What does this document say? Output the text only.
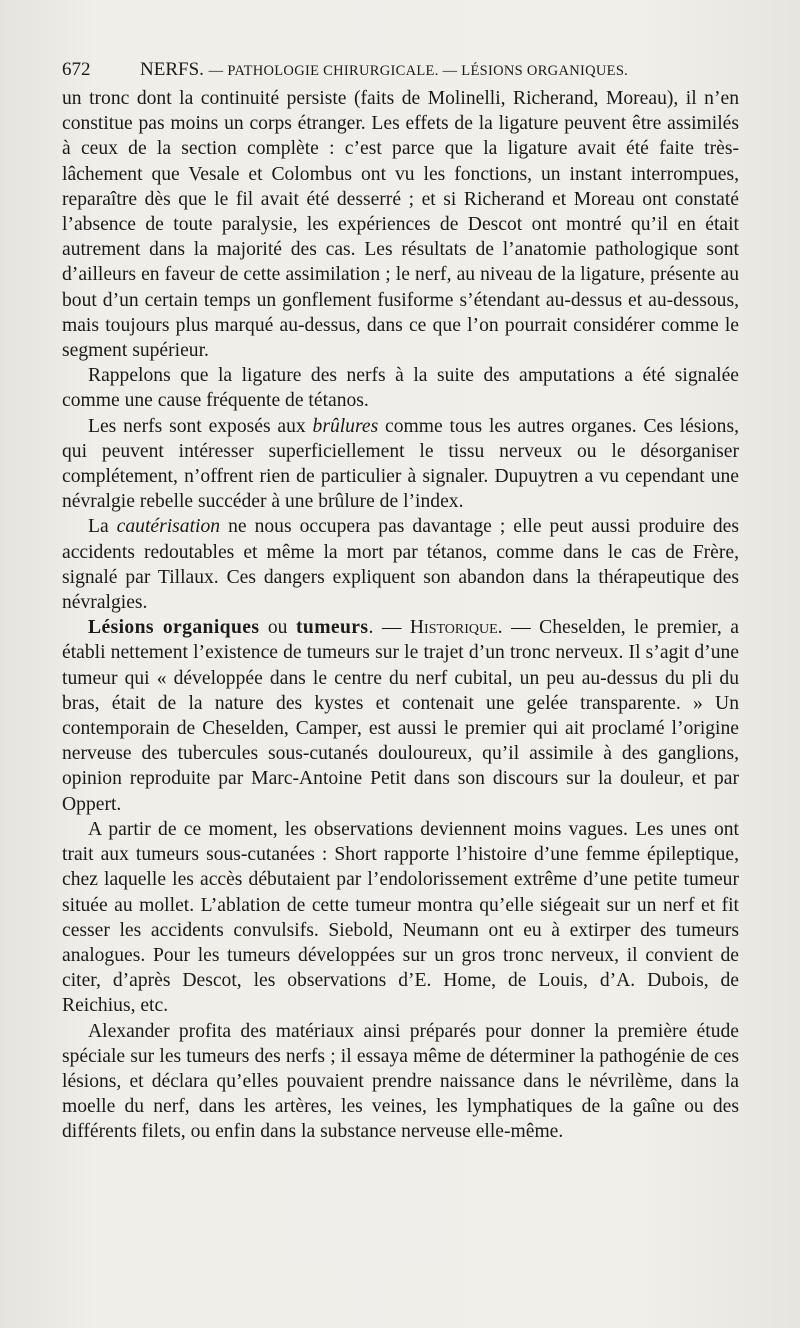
672	NERFS. — PATHOLOGIE CHIRURGICALE. — LÉSIONS ORGANIQUES.

un tronc dont la continuité persiste (faits de Molinelli, Richerand, Moreau), il n’en constitue pas moins un corps étranger. Les effets de la ligature peuvent être assimilés à ceux de la section complète : c’est parce que la ligature avait été faite très-lâchement que Vesale et Colombus ont vu les fonctions, un instant interrompues, reparaître dès que le fil avait été desserré ; et si Richerand et Moreau ont constaté l’absence de toute paralysie, les expériences de Descot ont montré qu’il en était autrement dans la majorité des cas. Les résultats de l’anatomie pathologique sont d’ailleurs en faveur de cette assimilation ; le nerf, au niveau de la ligature, présente au bout d’un certain temps un gonflement fusiforme s’étendant au-dessus et au-dessous, mais toujours plus marqué au-dessus, dans ce que l’on pourrait considérer comme le segment supérieur.

Rappelons que la ligature des nerfs à la suite des amputations a été signalée comme une cause fréquente de tétanos.

Les nerfs sont exposés aux brûlures comme tous les autres organes. Ces lésions, qui peuvent intéresser superficiellement le tissu nerveux ou le désorganiser complétement, n’offrent rien de particulier à signaler. Dupuytren a vu cependant une névralgie rebelle succéder à une brûlure de l’index.

La cautérisation ne nous occupera pas davantage ; elle peut aussi produire des accidents redoutables et même la mort par tétanos, comme dans le cas de Frère, signalé par Tillaux. Ces dangers expliquent son abandon dans la thérapeutique des névralgies.

Lésions organiques ou tumeurs. — Historique. — Cheselden, le premier, a établi nettement l’existence de tumeurs sur le trajet d’un tronc nerveux. Il s’agit d’une tumeur qui « développée dans le centre du nerf cubital, un peu au-dessus du pli du bras, était de la nature des kystes et contenait une gelée transparente. » Un contemporain de Cheselden, Camper, est aussi le premier qui ait proclamé l’origine nerveuse des tubercules sous-cutanés douloureux, qu’il assimile à des ganglions, opinion reproduite par Marc-Antoine Petit dans son discours sur la douleur, et par Oppert.

A partir de ce moment, les observations deviennent moins vagues. Les unes ont trait aux tumeurs sous-cutanées : Short rapporte l’histoire d’une femme épileptique, chez laquelle les accès débutaient par l’endolorissement extrême d’une petite tumeur située au mollet. L’ablation de cette tumeur montra qu’elle siégeait sur un nerf et fit cesser les accidents convulsifs. Siebold, Neumann ont eu à extirper des tumeurs analogues. Pour les tumeurs développées sur un gros tronc nerveux, il convient de citer, d’après Descot, les observations d’E. Home, de Louis, d’A. Dubois, de Reichius, etc.

Alexander profita des matériaux ainsi préparés pour donner la première étude spéciale sur les tumeurs des nerfs ; il essaya même de déterminer la pathogénie de ces lésions, et déclara qu’elles pouvaient prendre naissance dans le névrilème, dans la moelle du nerf, dans les artères, les veines, les lymphatiques de la gaîne ou des différents filets, ou enfin dans la substance nerveuse elle-même.
